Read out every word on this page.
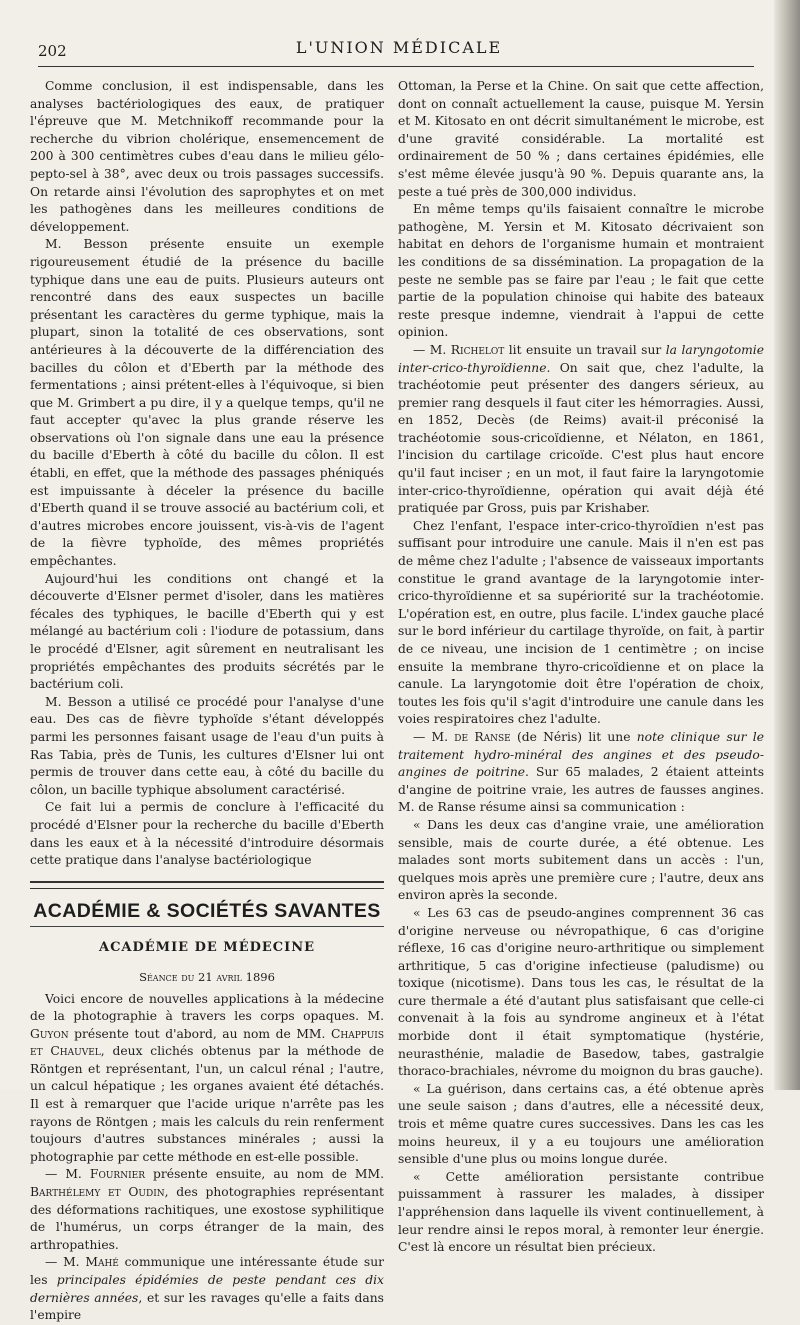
202	L'UNION MÉDICALE

Comme conclusion, il est indispensable, dans les analyses bactériologiques des eaux, de pratiquer l'épreuve que M. Metchnikoff recommande pour la recherche du vibrion cholérique, ensemencement de 200 à 300 centimètres cubes d'eau dans le milieu gélo-pepto-sel à 38°, avec deux ou trois passages successifs. On retarde ainsi l'évolution des saprophytes et on met les pathogènes dans les meilleures conditions de développement.

M. Besson présente ensuite un exemple rigoureusement étudié de la présence du bacille typhique dans une eau de puits. Plusieurs auteurs ont rencontré dans des eaux suspectes un bacille présentant les caractères du germe typhique, mais la plupart, sinon la totalité de ces observations, sont antérieures à la découverte de la différenciation des bacilles du côlon et d'Eberth par la méthode des fermentations ; ainsi prétent-elles à l'équivoque, si bien que M. Grimbert a pu dire, il y a quelque temps, qu'il ne faut accepter qu'avec la plus grande réserve les observations où l'on signale dans une eau la présence du bacille d'Eberth à côté du bacille du côlon. Il est établi, en effet, que la méthode des passages phéniqués est impuissante à déceler la présence du bacille d'Eberth quand il se trouve associé au bactérium coli, et d'autres microbes encore jouissent, vis-à-vis de l'agent de la fièvre typhoïde, des mêmes propriétés empêchantes.

Aujourd'hui les conditions ont changé et la découverte d'Elsner permet d'isoler, dans les matières fécales des typhiques, le bacille d'Eberth qui y est mélangé au bactérium coli : l'iodure de potassium, dans le procédé d'Elsner, agit sûrement en neutralisant les propriétés empêchantes des produits sécrétés par le bactérium coli.

M. Besson a utilisé ce procédé pour l'analyse d'une eau. Des cas de fièvre typhoïde s'étant développés parmi les personnes faisant usage de l'eau d'un puits à Ras Tabia, près de Tunis, les cultures d'Elsner lui ont permis de trouver dans cette eau, à côté du bacille du côlon, un bacille typhique absolument caractérisé.

Ce fait lui a permis de conclure à l'efficacité du procédé d'Elsner pour la recherche du bacille d'Eberth dans les eaux et à la nécessité d'introduire désormais cette pratique dans l'analyse bactériologique

ACADÉMIE & SOCIÉTÉS SAVANTES
ACADÉMIE DE MÉDECINE
Séance du 21 avril 1896

Voici encore de nouvelles applications à la médecine de la photographie à travers les corps opaques. M. Guyon présente tout d'abord, au nom de MM. Chappuis et Chauvel, deux clichés obtenus par la méthode de Röntgen et représentant, l'un, un calcul rénal ; l'autre, un calcul hépatique ; les organes avaient été détachés. Il est à remarquer que l'acide urique n'arrête pas les rayons de Röntgen ; mais les calculs du rein renferment toujours d'autres substances minérales ; aussi la photographie par cette méthode en est-elle possible.

— M. Fournier présente ensuite, au nom de MM. Barthélemy et Oudin, des photographies représentant des déformations rachitiques, une exostose syphilitique de l'humérus, un corps étranger de la main, des arthropathies.

— M. Mahé communique une intéressante étude sur les principales épidémies de peste pendant ces dix dernières années, et sur les ravages qu'elle a faits dans l'empire

Ottoman, la Perse et la Chine. On sait que cette affection, dont on connaît actuellement la cause, puisque M. Yersin et M. Kitosato en ont décrit simultanément le microbe, est d'une gravité considérable. La mortalité est ordinairement de 50 % ; dans certaines épidémies, elle s'est même élevée jusqu'à 90 %. Depuis quarante ans, la peste a tué près de 300,000 individus.

En même temps qu'ils faisaient connaître le microbe pathogène, M. Yersin et M. Kitosato décrivaient son habitat en dehors de l'organisme humain et montraient les conditions de sa dissémination. La propagation de la peste ne semble pas se faire par l'eau ; le fait que cette partie de la population chinoise qui habite des bateaux reste presque indemne, viendrait à l'appui de cette opinion.

— M. Richelot lit ensuite un travail sur la laryngotomie inter-crico-thyroïdienne. On sait que, chez l'adulte, la trachéotomie peut présenter des dangers sérieux, au premier rang desquels il faut citer les hémorragies. Aussi, en 1852, Decès (de Reims) avait-il préconisé la trachéotomie sous-cricoïdienne, et Nélaton, en 1861, l'incision du cartilage cricoïde. C'est plus haut encore qu'il faut inciser ; en un mot, il faut faire la laryngotomie inter-crico-thyroïdienne, opération qui avait déjà été pratiquée par Gross, puis par Krishaber.

Chez l'enfant, l'espace inter-crico-thyroïdien n'est pas suffisant pour introduire une canule. Mais il n'en est pas de même chez l'adulte ; l'absence de vaisseaux importants constitue le grand avantage de la laryngotomie inter-crico-thyroïdienne et sa supériorité sur la trachéotomie. L'opération est, en outre, plus facile. L'index gauche placé sur le bord inférieur du cartilage thyroïde, on fait, à partir de ce niveau, une incision de 1 centimètre ; on incise ensuite la membrane thyro-cricoïdienne et on place la canule. La laryngotomie doit être l'opération de choix, toutes les fois qu'il s'agit d'introduire une canule dans les voies respiratoires chez l'adulte.

— M. de Ranse (de Néris) lit une note clinique sur le traitement hydro-minéral des angines et des pseudo-angines de poitrine. Sur 65 malades, 2 étaient atteints d'angine de poitrine vraie, les autres de fausses angines. M. de Ranse résume ainsi sa communication :

« Dans les deux cas d'angine vraie, une amélioration sensible, mais de courte durée, a été obtenue. Les malades sont morts subitement dans un accès : l'un, quelques mois après une première cure ; l'autre, deux ans environ après la seconde.

« Les 63 cas de pseudo-angines comprennent 36 cas d'origine nerveuse ou névropathique, 6 cas d'origine réflexe, 16 cas d'origine neuro-arthritique ou simplement arthritique, 5 cas d'origine infectieuse (paludisme) ou toxique (nicotisme). Dans tous les cas, le résultat de la cure thermale a été d'autant plus satisfaisant que celle-ci convenait à la fois au syndrome angineux et à l'état morbide dont il était symptomatique (hystérie, neurasthénie, maladie de Basedow, tabes, gastralgie thoraco-brachiales, névrome du moignon du bras gauche).

« La guérison, dans certains cas, a été obtenue après une seule saison ; dans d'autres, elle a nécessité deux, trois et même quatre cures successives. Dans les cas les moins heureux, il y a eu toujours une amélioration sensible d'une plus ou moins longue durée.

« Cette amélioration persistante contribue puissamment à rassurer les malades, à dissiper l'appréhension dans laquelle ils vivent continuellement, à leur rendre ainsi le repos moral, à remonter leur énergie. C'est là encore un résultat bien précieux.
